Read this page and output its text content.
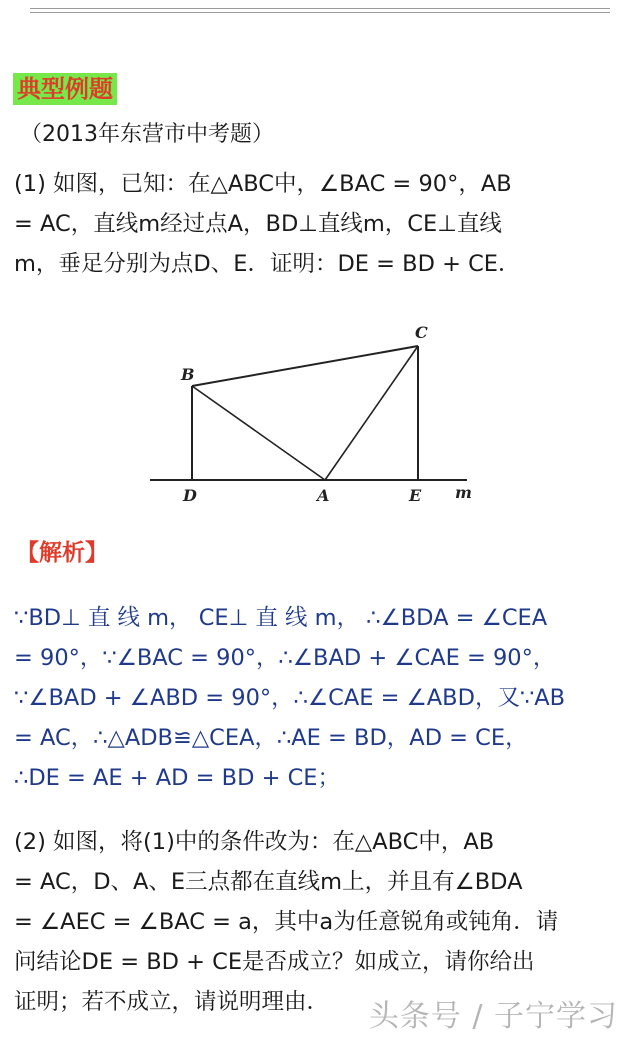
典型例题
（2013年东营市中考题）

(1) 如图，已知：在△ABC中，∠BAC = 90°，AB
= AC，直线m经过点A，BD⊥直线m，CE⊥直线
m，垂足分别为点D、E．证明：DE = BD + CE．

B
C
D	A	E m
【解析】

∵BD⊥ 直 线 m， CE⊥ 直 线 m， ∴∠BDA = ∠CEA
= 90°，∵∠BAC = 90°，∴∠BAD + ∠CAE = 90°，
∵∠BAD + ∠ABD = 90°，∴∠CAE = ∠ABD，又∵AB
= AC，∴△ADB≌△CEA，∴AE = BD，AD = CE，
∴DE = AE + AD = BD + CE；

(2) 如图，将(1)中的条件改为：在△ABC中，AB
= AC，D、A、E三点都在直线m上，并且有∠BDA
= ∠AEC = ∠BAC = a，其中a为任意锐角或钝角．请
问结论DE = BD + CE是否成立？如成立，请你给出
证明；若不成立，请说明理由．	头条号 / 子宁学习
